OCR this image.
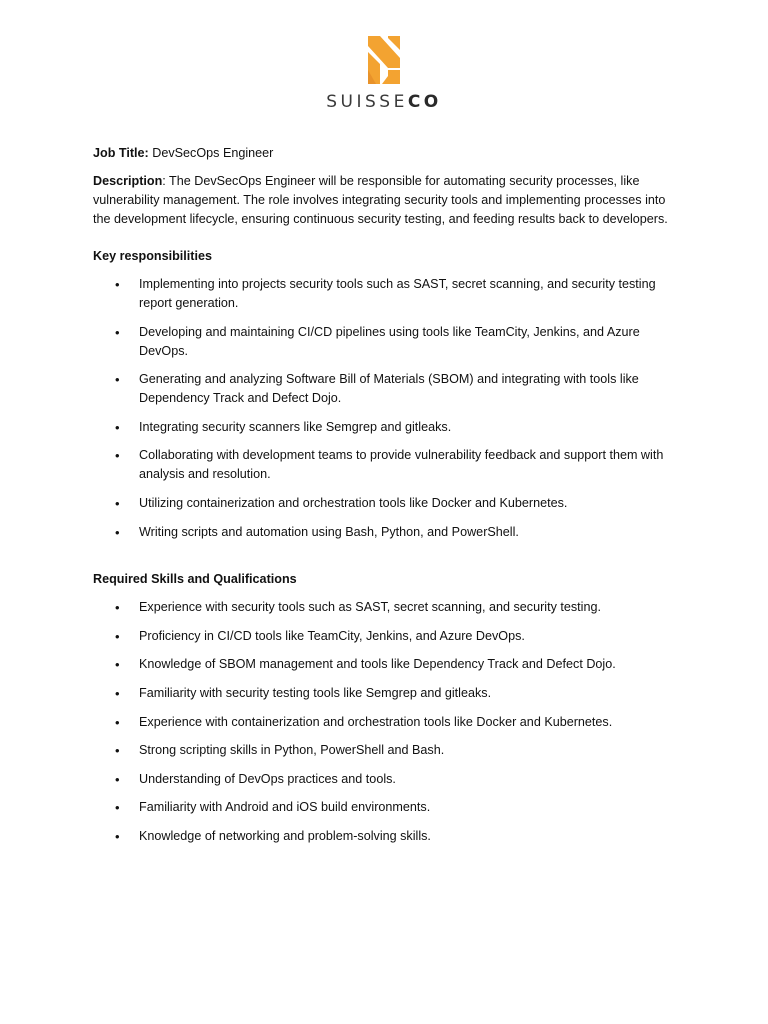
SUISSECO

Job Title: DevSecOps Engineer

Description: The DevSecOps Engineer will be responsible for automating security processes, like vulnerability management. The role involves integrating security tools and implementing processes into the development lifecycle, ensuring continuous security testing, and feeding results back to developers.

Key responsibilities

• Implementing into projects security tools such as SAST, secret scanning, and security testing report generation.
• Developing and maintaining CI/CD pipelines using tools like TeamCity, Jenkins, and Azure DevOps.
• Generating and analyzing Software Bill of Materials (SBOM) and integrating with tools like Dependency Track and Defect Dojo.
• Integrating security scanners like Semgrep and gitleaks.
• Collaborating with development teams to provide vulnerability feedback and support them with analysis and resolution.
• Utilizing containerization and orchestration tools like Docker and Kubernetes.
• Writing scripts and automation using Bash, Python, and PowerShell.

Required Skills and Qualifications

• Experience with security tools such as SAST, secret scanning, and security testing.
• Proficiency in CI/CD tools like TeamCity, Jenkins, and Azure DevOps.
• Knowledge of SBOM management and tools like Dependency Track and Defect Dojo.
• Familiarity with security testing tools like Semgrep and gitleaks.
• Experience with containerization and orchestration tools like Docker and Kubernetes.
• Strong scripting skills in Python, PowerShell and Bash.
• Understanding of DevOps practices and tools.
• Familiarity with Android and iOS build environments.
• Knowledge of networking and problem-solving skills.
